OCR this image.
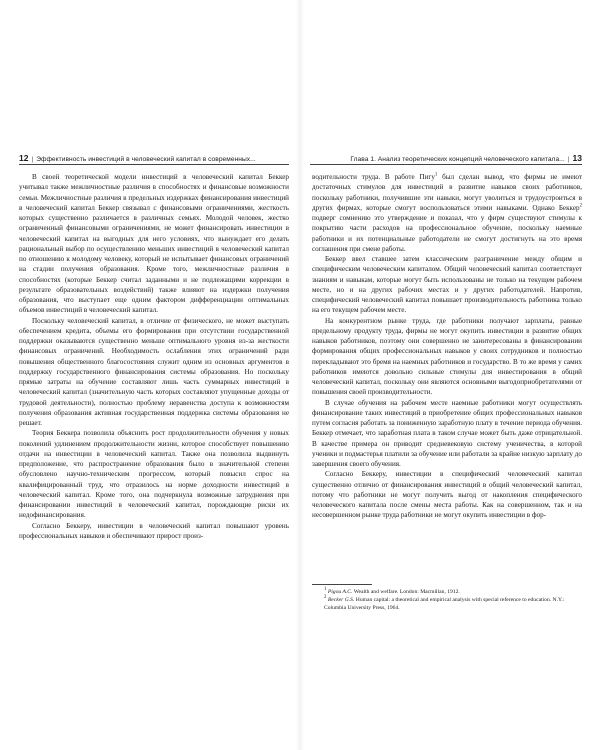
12 | Эффективность инвестиций в человеческий капитал в современных...

В своей теоретической модели инвестиций в человеческий капитал Беккер учитывал также межличностные различия в способностях и финансовые возможности семьи. Межличностные различия в предельных издержках финансирования инвестиций в человеческий капитал Беккер связывал с финансовыми ограничениями, жесткость которых существенно различается в различных семьях. Молодой человек, жестко ограниченный финансовыми ограничениями, не может финансировать инвестиции в человеческий капитал на выгодных для него условиях, что вынуждает его делать рациональный выбор по осуществлению меньших инвестиций в человеческий капитал по отношению к молодому человеку, который не испытывает финансовых ограничений на стадии получения образования. Кроме того, межличностные различия в способностях (которые Беккер считал заданными и не подлежащими коррекции в результате образовательных воздействий) также влияют на издержки получения образования, что выступает еще одним фактором дифференциации оптимальных объемов инвестиций в человеческий капитал.

Поскольку человеческий капитал, в отличие от физического, не может выступать обеспечением кредита, объемы его формирования при отсутствии государственной поддержки оказываются существенно меньше оптимального уровня из-за жесткости финансовых ограничений. Необходимость ослабления этих ограничений ради повышения общественного благосостояния служит одним из основных аргументов в поддержку государственного финансирования системы образования. Но поскольку прямые затраты на обучение составляют лишь часть суммарных инвестиций в человеческий капитал (значительную часть которых составляют упущенные доходы от трудовой деятельности), полностью проблему неравенства доступа к возможностям получения образования активная государственная поддержка системы образования не решает.

Теория Беккера позволила объяснить рост продолжительности обучения у новых поколений удлинением продолжительности жизни, которое способствует повышению отдачи на инвестиции в человеческий капитал. Также она позволила выдвинуть предположение, что распространение образования было в значительной степени обусловлено научно-техническим прогрессом, который повысил спрос на квалифицированный труд, что отразилось на норме доходности инвестиций в человеческий капитал. Кроме того, она подчеркнула возможные затруднения при финансировании инвестиций в человеческий капитал, порождающие риски их недофинансирования.

Согласно Беккеру, инвестиции в человеческий капитал повышают уровень профессиональных навыков и обеспечивают прирост произ-

Глава 1. Анализ теоретических концепций человеческого капитала... | 13

водительности труда. В работе Пигу$^1$ был сделан вывод, что фирмы не имеют достаточных стимулов для инвестиций в развитие навыков своих работников, поскольку работники, получившие эти навыки, могут уволиться и трудоустроиться в других фирмах, которые смогут воспользоваться этими навыками. Однако Беккер$^2$ подверг сомнению это утверждение и показал, что у фирм существуют стимулы к покрытию части расходов на профессиональное обучение, поскольку наемные работники и их потенциальные работодатели не смогут достигнуть на это время соглашения при смене работы.

Беккер ввел ставшее затем классическим разграничение между общим и специфическим человеческим капиталом. Общий человеческий капитал соответствует знаниям и навыкам, которые могут быть использованы не только на текущем рабочем месте, но и на других рабочих местах и у других работодателей. Напротив, специфический человеческий капитал повышает производительность работника только на его текущем рабочем месте.

На конкурентном рынке труда, где работники получают зарплаты, равные предельному продукту труда, фирмы не могут окупить инвестиции в развитие общих навыков работников, поэтому они совершенно не заинтересованы в финансировании формирования общих профессиональных навыков у своих сотрудников и полностью перекладывают это бремя на наемных работников и государство. В то же время у самих работников имеются довольно сильные стимулы для инвестирования в общий человеческий капитал, поскольку они являются основными выгодоприобретателями от повышения своей производительности.

В случае обучения на рабочем месте наемные работники могут осуществлять финансирование таких инвестиций в приобретение общих профессиональных навыков путем согласия работать за пониженную заработную плату в течение периода обучения. Беккер отмечает, что заработная плата в таком случае может быть даже отрицательной. В качестве примера он приводит средневековую систему ученичества, в которой ученики и подмастерья платили за обучение или работали за крайне низкую зарплату до завершения своего обучения.

Согласно Беккеру, инвестиции в специфический человеческий капитал существенно отлично от финансирования инвестиций в общий человеческий капитал, потому что работники не могут получить выгод от накопления специфического человеческого капитала после смены места работы. Как на совершенном, так и на несовершенном рынке труда работники не могут окупить инвестиции в фор-

$^1$ Pigou A.C. Wealth and welfare. London: Macmillan, 1912.

$^2$ Becker G.S. Human capital: a theoretical and empirical analysis with special reference to education. N.Y.: Columbia University Press, 1964.
